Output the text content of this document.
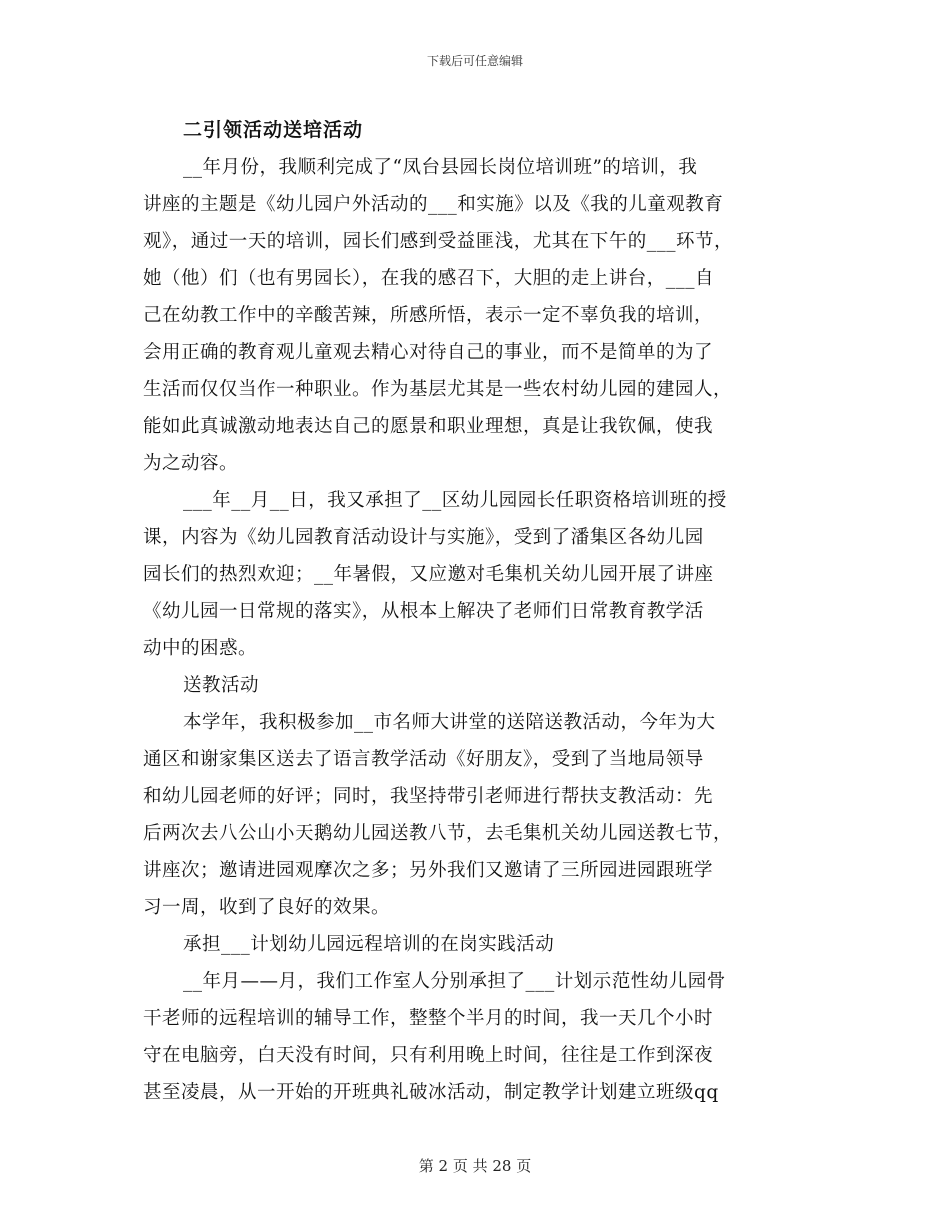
下载后可任意编辑
二引领活动送培活动
__年月份，我顺利完成了“凤台县园长岗位培训班”的培训，我
讲座的主题是《幼儿园户外活动的___和实施》以及《我的儿童观教育
观》，通过一天的培训，园长们感到受益匪浅，尤其在下午的___环节，
她（他）们（也有男园长），在我的感召下，大胆的走上讲台，___自
己在幼教工作中的辛酸苦辣，所感所悟，表示一定不辜负我的培训，
会用正确的教育观儿童观去精心对待自己的事业，而不是简单的为了
生活而仅仅当作一种职业。作为基层尤其是一些农村幼儿园的建园人，
能如此真诚激动地表达自己的愿景和职业理想，真是让我钦佩，使我
为之动容。
___年__月__日，我又承担了__区幼儿园园长任职资格培训班的授
课，内容为《幼儿园教育活动设计与实施》，受到了潘集区各幼儿园
园长们的热烈欢迎；__年暑假，又应邀对毛集机关幼儿园开展了讲座
《幼儿园一日常规的落实》，从根本上解决了老师们日常教育教学活
动中的困惑。
送教活动
本学年，我积极参加__市名师大讲堂的送陪送教活动，今年为大
通区和谢家集区送去了语言教学活动《好朋友》，受到了当地局领导
和幼儿园老师的好评；同时，我坚持带引老师进行帮扶支教活动：先
后两次去八公山小天鹅幼儿园送教八节，去毛集机关幼儿园送教七节，
讲座次；邀请进园观摩次之多；另外我们又邀请了三所园进园跟班学
习一周，收到了良好的效果。
承担___计划幼儿园远程培训的在岗实践活动
__年月——月，我们工作室人分别承担了___计划示范性幼儿园骨
干老师的远程培训的辅导工作，整整个半月的时间，我一天几个小时
守在电脑旁，白天没有时间，只有利用晚上时间，往往是工作到深夜
甚至凌晨，从一开始的开班典礼破冰活动，制定教学计划建立班级qq
第 2 页 共 28 页
